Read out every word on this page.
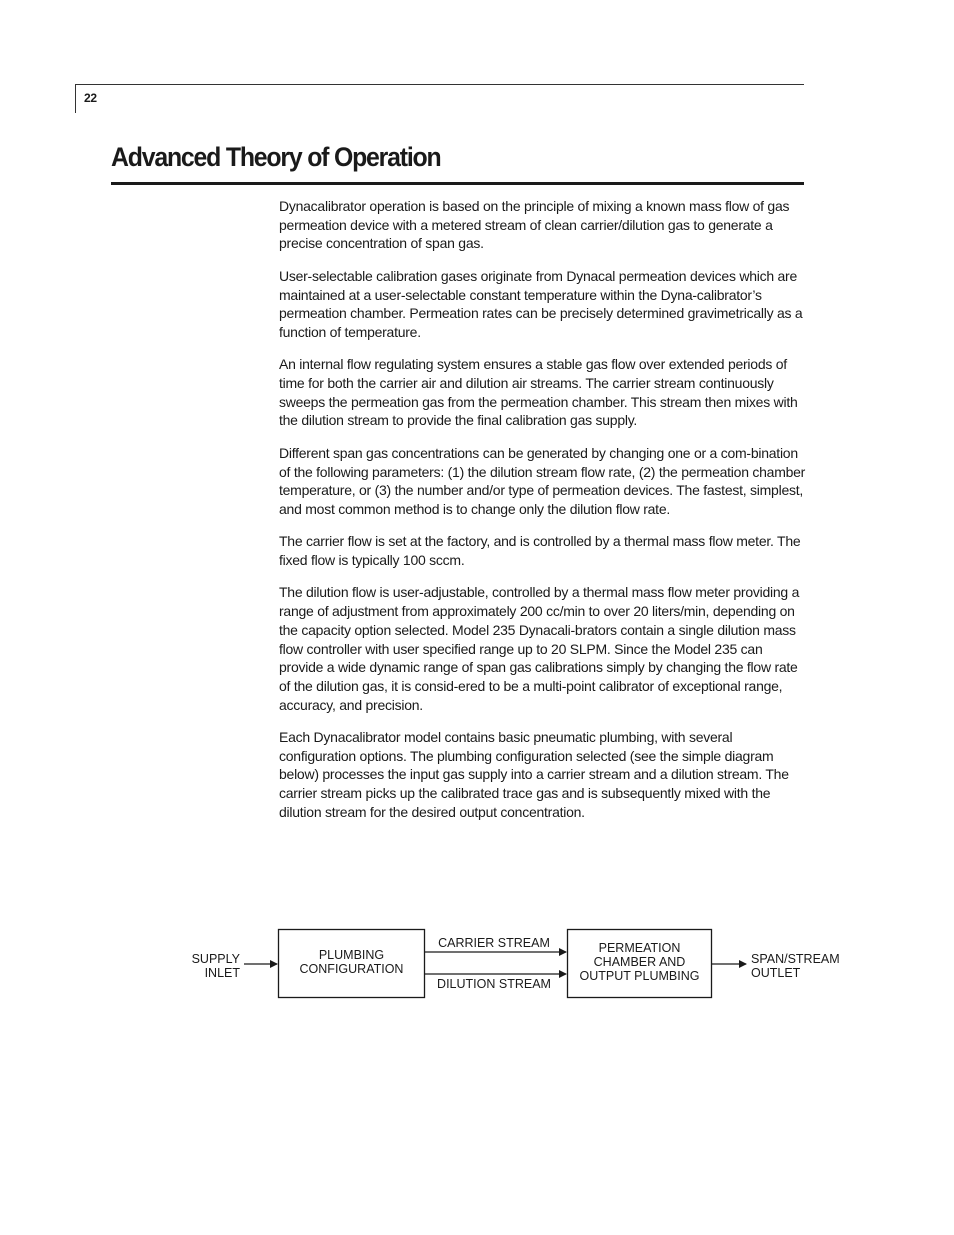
22
Advanced Theory of Operation

Dynacalibrator operation is based on the principle of mixing a known mass flow of gas permeation device with a metered stream of clean carrier/dilution gas to generate a precise concentration of span gas.

User-selectable calibration gases originate from Dynacal permeation devices which are maintained at a user-selectable constant temperature within the Dyna-calibrator’s permeation chamber. Permeation rates can be precisely determined gravimetrically as a function of temperature.

An internal flow regulating system ensures a stable gas flow over extended periods of time for both the carrier air and dilution air streams. The carrier stream continuously sweeps the permeation gas from the permeation chamber. This stream then mixes with the dilution stream to provide the final calibration gas supply.

Different span gas concentrations can be generated by changing one or a com-bination of the following parameters: (1) the dilution stream flow rate, (2) the permeation chamber temperature, or (3) the number and/or type of permeation devices. The fastest, simplest, and most common method is to change only the dilution flow rate.

The carrier flow is set at the factory, and is controlled by a thermal mass flow meter. The fixed flow is typically 100 sccm.

The dilution flow is user-adjustable, controlled by a thermal mass flow meter providing a range of adjustment from approximately 200 cc/min to over 20 liters/min, depending on the capacity option selected. Model 235 Dynacali-brators contain a single dilution mass flow controller with user specified range up to 20 SLPM. Since the Model 235 can provide a wide dynamic range of span gas calibrations simply by changing the flow rate of the dilution gas, it is consid-ered to be a multi-point calibrator of exceptional range, accuracy, and precision.

Each Dynacalibrator model contains basic pneumatic plumbing, with several configuration options. The plumbing configuration selected (see the simple diagram below) processes the input gas supply into a carrier stream and a dilution stream. The carrier stream picks up the calibrated trace gas and is subsequently mixed with the dilution stream for the desired output concentration.

SUPPLY
INLET
PLUMBING
CONFIGURATION
CARRIER STREAM
DILUTION STREAM
PERMEATION
CHAMBER AND
OUTPUT PLUMBING
SPAN/STREAM
OUTLET
